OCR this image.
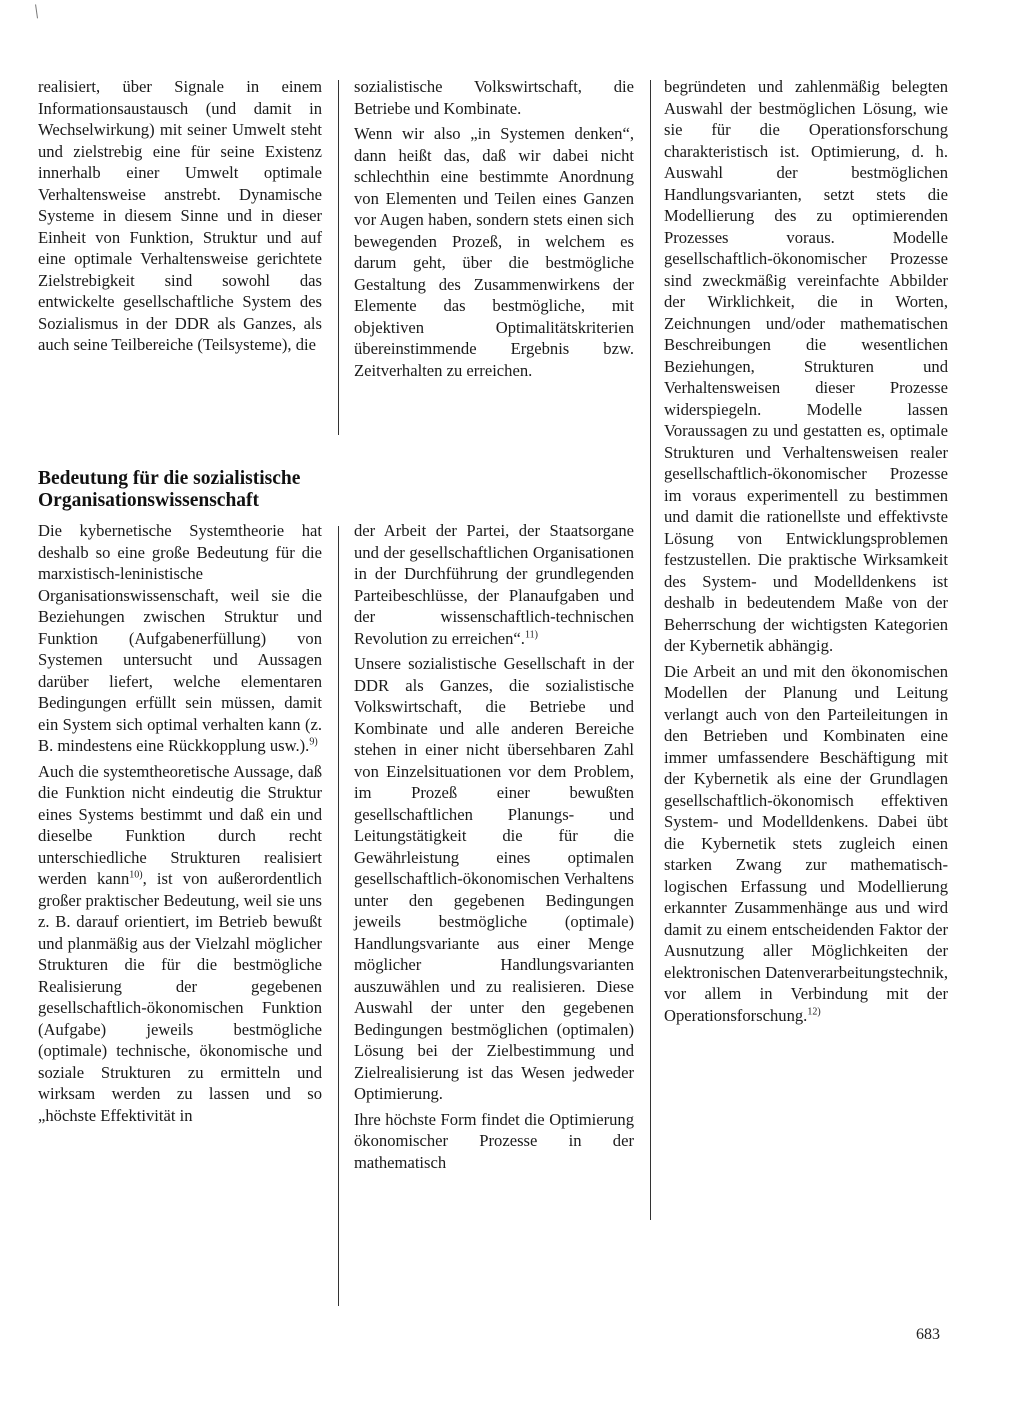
realisiert, über Signale in einem Informationsaustausch (und damit in Wechselwirkung) mit seiner Umwelt steht und zielstrebig eine für seine Existenz innerhalb einer Umwelt optimale Verhaltensweise anstrebt. Dynamische Systeme in diesem Sinne und in dieser Einheit von Funktion, Struktur und auf eine optimale Verhaltensweise gerichtete Zielstrebigkeit sind sowohl das entwickelte gesellschaftliche System des Sozialismus in der DDR als Ganzes, als auch seine Teilbereiche (Teilsysteme), die

sozialistische Volkswirtschaft, die Betriebe und Kombinate.

Wenn wir also „in Systemen denken“, dann heißt das, daß wir dabei nicht schlechthin eine bestimmte Anordnung von Elementen und Teilen eines Ganzen vor Augen haben, sondern stets einen sich bewegenden Prozeß, in welchem es darum geht, über die bestmögliche Gestaltung des Zusammenwirkens der Elemente das bestmögliche, mit objektiven Optimalitätskriterien übereinstimmende Ergebnis bzw. Zeitverhalten zu erreichen.

Bedeutung für die sozialistische
Organisationswissenschaft

Die kybernetische Systemtheorie hat deshalb so eine große Bedeutung für die marxistisch-leninistische Organisationswissenschaft, weil sie die Beziehungen zwischen Struktur und Funktion (Aufgabenerfüllung) von Systemen untersucht und Aussagen darüber liefert, welche elementaren Bedingungen erfüllt sein müssen, damit ein System sich optimal verhalten kann (z. B. mindestens eine Rückkopplung usw.).$^{9)}$

Auch die systemtheoretische Aussage, daß die Funktion nicht eindeutig die Struktur eines Systems bestimmt und daß ein und dieselbe Funktion durch recht unterschiedliche Strukturen realisiert werden kann$^{10)}$, ist von außerordentlich großer praktischer Bedeutung, weil sie uns z. B. darauf orientiert, im Betrieb bewußt und planmäßig aus der Vielzahl möglicher Strukturen die für die bestmögliche Realisierung der gegebenen gesellschaftlich-ökonomischen Funktion (Aufgabe) jeweils bestmögliche (optimale) technische, ökonomische und soziale Strukturen zu ermitteln und wirksam werden zu lassen und so „höchste Effektivität in

der Arbeit der Partei, der Staatsorgane und der gesellschaftlichen Organisationen in der Durchführung der grundlegenden Parteibeschlüsse, der Planaufgaben und der wissenschaftlich-technischen Revolution zu erreichen“.$^{11)}$

Unsere sozialistische Gesellschaft in der DDR als Ganzes, die sozialistische Volkswirtschaft, die Betriebe und Kombinate und alle anderen Bereiche stehen in einer nicht übersehbaren Zahl von Einzelsituationen vor dem Problem, im Prozeß einer bewußten gesellschaftlichen Planungs- und Leitungstätigkeit die für die Gewährleistung eines optimalen gesellschaftlich-ökonomischen Verhaltens unter den gegebenen Bedingungen jeweils bestmögliche (optimale) Handlungsvariante aus einer Menge möglicher Handlungsvarianten auszuwählen und zu realisieren. Diese Auswahl der unter den gegebenen Bedingungen bestmöglichen (optimalen) Lösung bei der Zielbestimmung und Zielrealisierung ist das Wesen jedweder Optimierung.

Ihre höchste Form findet die Optimierung ökonomischer Prozesse in der mathematisch

begründeten und zahlenmäßig belegten Auswahl der bestmöglichen Lösung, wie sie für die Operationsforschung charakteristisch ist. Optimierung, d. h. Auswahl der bestmöglichen Handlungsvarianten, setzt stets die Modellierung des zu optimierenden Prozesses voraus. Modelle gesellschaftlich-ökonomischer Prozesse sind zweckmäßig vereinfachte Abbilder der Wirklichkeit, die in Worten, Zeichnungen und/oder mathematischen Beschreibungen die wesentlichen Beziehungen, Strukturen und Verhaltensweisen dieser Prozesse widerspiegeln. Modelle lassen Voraussagen zu und gestatten es, optimale Strukturen und Verhaltensweisen realer gesellschaftlich-ökonomischer Prozesse im voraus experimentell zu bestimmen und damit die rationellste und effektivste Lösung von Entwicklungsproblemen festzustellen. Die praktische Wirksamkeit des System- und Modelldenkens ist deshalb in bedeutendem Maße von der Beherrschung der wichtigsten Kategorien der Kybernetik abhängig.

Die Arbeit an und mit den ökonomischen Modellen der Planung und Leitung verlangt auch von den Parteileitungen in den Betrieben und Kombinaten eine immer umfassendere Beschäftigung mit der Kybernetik als eine der Grundlagen gesellschaftlich-ökonomisch effektiven System- und Modelldenkens. Dabei übt die Kybernetik stets zugleich einen starken Zwang zur mathematisch-logischen Erfassung und Modellierung erkannter Zusammenhänge aus und wird damit zu einem entscheidenden Faktor der Ausnutzung aller Möglichkeiten der elektronischen Datenverarbeitungstechnik, vor allem in Verbindung mit der Operationsforschung.$^{12)}$

683
